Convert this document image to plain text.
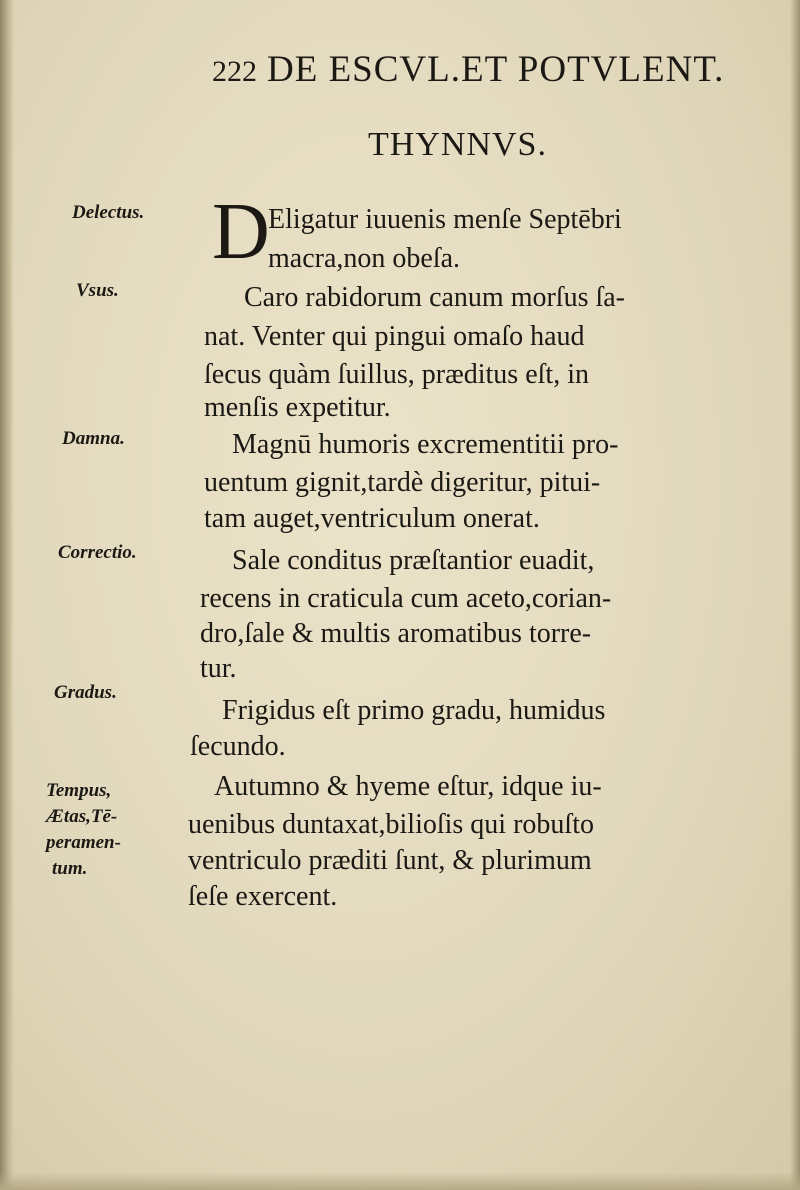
222 DE ESCVL.ET POTVLENT.
THYNNVS.
Delectus.
Vsus.
Damna.
Correctio.
Gradus.
Tempus,
Ætas,Tē-
peramen-
tum.
D
Eligatur iuuenis menſe Septēbri
macra,non obeſa.
Caro rabidorum canum morſus ſa-
nat. Venter qui pingui omaſo haud
ſecus quàm ſuillus, præditus eſt, in
menſis expetitur.
Magnū humoris excrementitii pro-
uentum gignit,tardè digeritur, pitui-
tam auget,ventriculum onerat.
Sale conditus præſtantior euadit,
recens in craticula cum aceto,corian-
dro,ſale & multis aromatibus torre-
tur.
Frigidus eſt primo gradu, humidus
ſecundo.
Autumno & hyeme eſtur, idque iu-
uenibus duntaxat,bilioſis qui robuſto
ventriculo præditi ſunt, & plurimum
ſeſe exercent.
